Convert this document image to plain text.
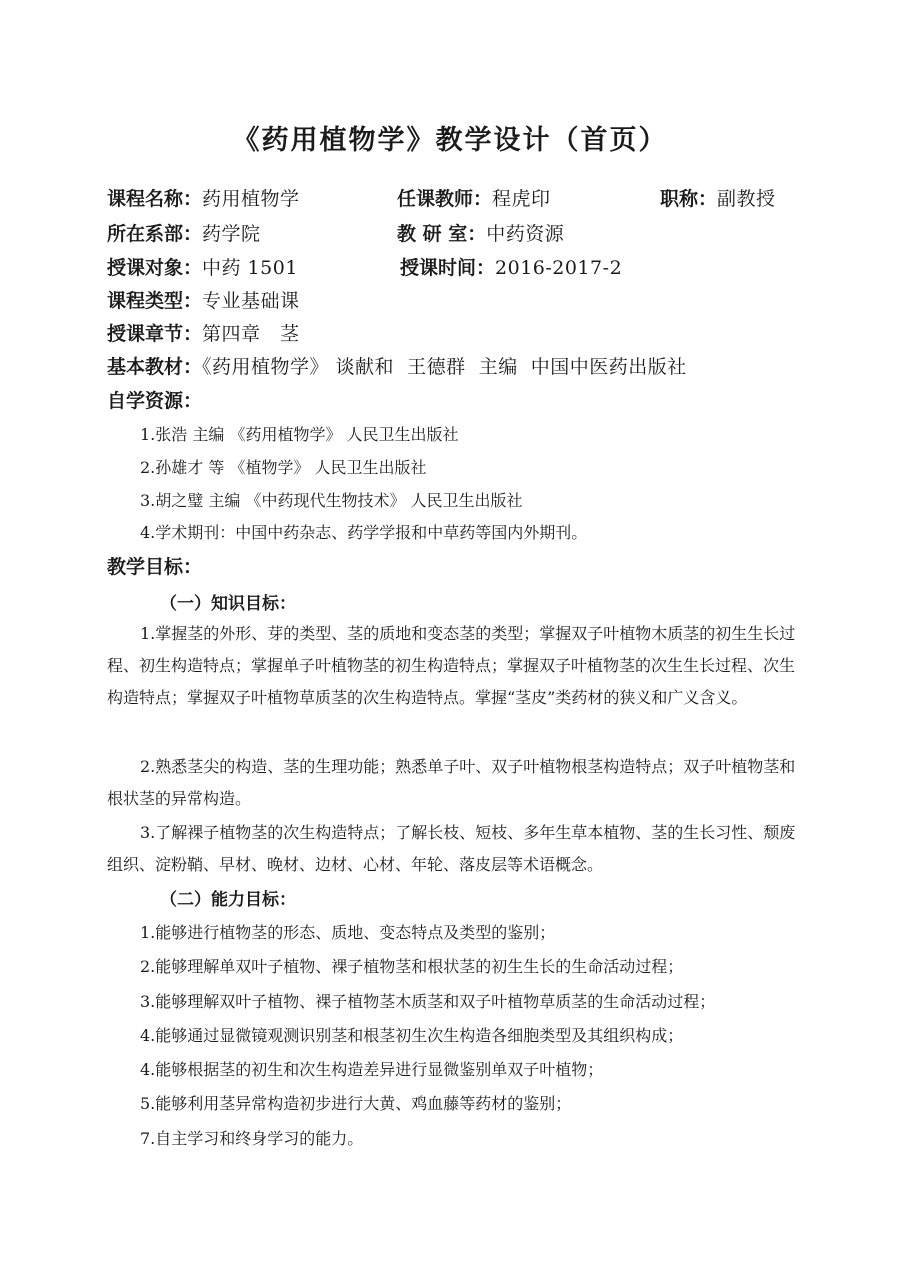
《药用植物学》教学设计（首页）
课程名称：药用植物学	任课教师：程虎印	职称：副教授
所在系部：药学院	教 研 室：中药资源
授课对象：中药 1501	授课时间：2016-2017-2
课程类型：专业基础课
授课章节：第四章　茎
基本教材：《药用植物学》 谈献和  王德群  主编  中国中医药出版社
自学资源：
1.张浩 主编 《药用植物学》 人民卫生出版社
2.孙雄才 等 《植物学》 人民卫生出版社
3.胡之璧 主编 《中药现代生物技术》 人民卫生出版社
4.学术期刊：中国中药杂志、药学学报和中草药等国内外期刊。
教学目标：
（一）知识目标：

1.掌握茎的外形、芽的类型、茎的质地和变态茎的类型；掌握双子叶植物木质茎的初生生长过程、初生构造特点；掌握单子叶植物茎的初生构造特点；掌握双子叶植物茎的次生生长过程、次生构造特点；掌握双子叶植物草质茎的次生构造特点。掌握“茎皮”类药材的狭义和广义含义。

2.熟悉茎尖的构造、茎的生理功能；熟悉单子叶、双子叶植物根茎构造特点；双子叶植物茎和根状茎的异常构造。

3.了解裸子植物茎的次生构造特点；了解长枝、短枝、多年生草本植物、茎的生长习性、颓废组织、淀粉鞘、早材、晚材、边材、心材、年轮、落皮层等术语概念。

（二）能力目标：
1.能够进行植物茎的形态、质地、变态特点及类型的鉴别；
2.能够理解单双叶子植物、裸子植物茎和根状茎的初生生长的生命活动过程；
3.能够理解双叶子植物、裸子植物茎木质茎和双子叶植物草质茎的生命活动过程；
4.能够通过显微镜观测识别茎和根茎初生次生构造各细胞类型及其组织构成；
4.能够根据茎的初生和次生构造差异进行显微鉴别单双子叶植物；
5.能够利用茎异常构造初步进行大黄、鸡血藤等药材的鉴别；
7.自主学习和终身学习的能力。
